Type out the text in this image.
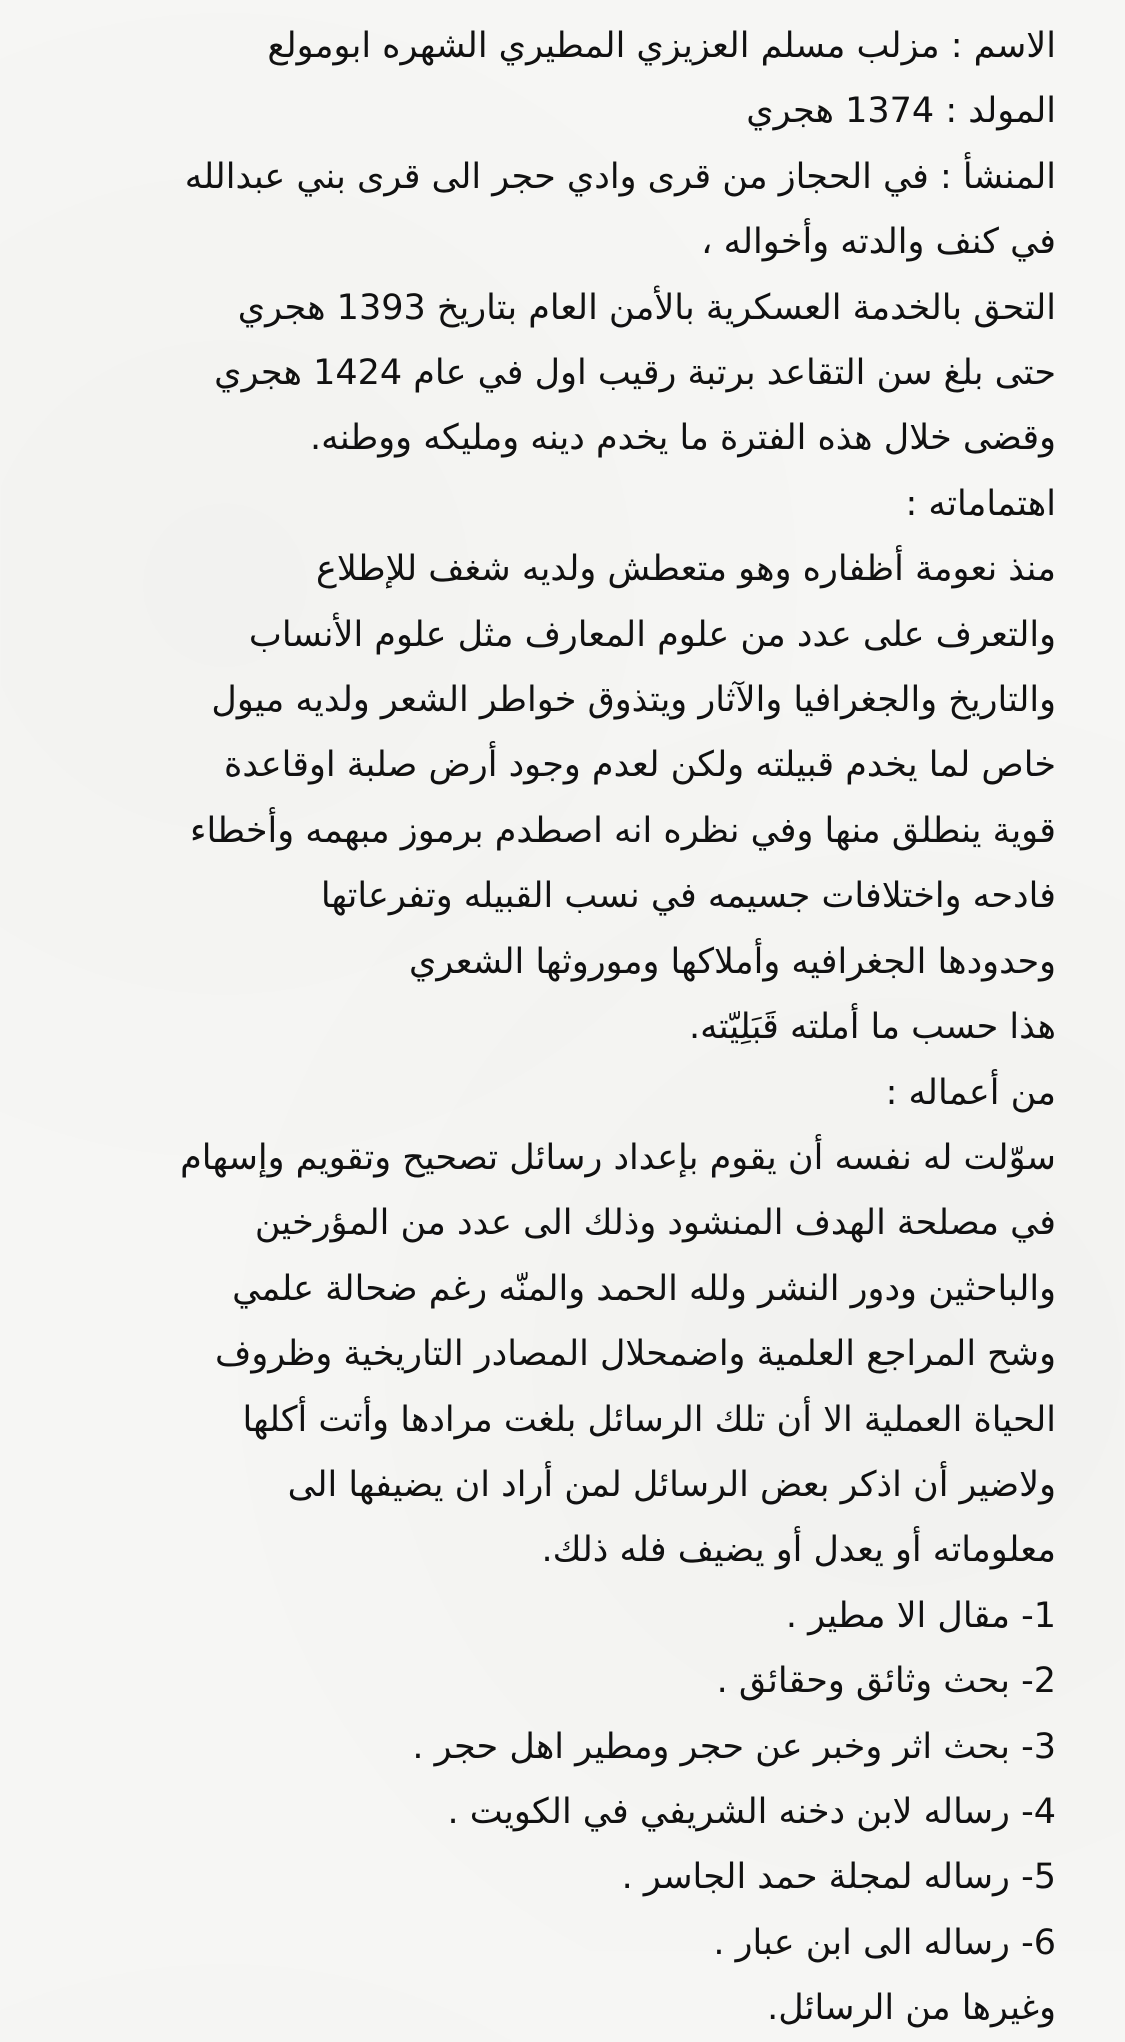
الاسم : مزلب مسلم العزيزي المطيري الشهره ابومولع

المولد : 1374 هجري

المنشأ : في الحجاز من قرى وادي حجر الى قرى بني عبدالله

في كنف والدته وأخواله ،

التحق بالخدمة العسكرية بالأمن العام بتاريخ 1393 هجري

حتى بلغ سن التقاعد برتبة رقيب اول في عام 1424 هجري

وقضى خلال هذه الفترة ما يخدم دينه ومليكه ووطنه.

اهتماماته :

منذ نعومة أظفاره وهو متعطش ولديه شغف للإطلاع

والتعرف على عدد من علوم المعارف مثل علوم الأنساب

والتاريخ والجغرافيا والآثار ويتذوق خواطر الشعر ولديه ميول

خاص لما يخدم قبيلته ولكن لعدم وجود أرض صلبة اوقاعدة

قوية ينطلق منها وفي نظره انه اصطدم برموز مبهمه وأخطاء

فادحه واختلافات جسيمه في نسب القبيله وتفرعاتها

وحدودها الجغرافيه وأملاكها وموروثها الشعري

هذا حسب ما أملته قَبَلِيّته.

من أعماله :

سوّلت له نفسه أن يقوم بإعداد رسائل تصحيح وتقويم وإسهام

في مصلحة الهدف المنشود وذلك الى عدد من المؤرخين

والباحثين ودور النشر ولله الحمد والمنّه رغم ضحالة علمي

وشح المراجع العلمية واضمحلال المصادر التاريخية وظروف

الحياة العملية الا أن تلك الرسائل بلغت مرادها وأتت أكلها

ولاضير أن اذكر بعض الرسائل لمن أراد ان يضيفها الى

معلوماته أو يعدل أو يضيف فله ذلك.

1- مقال الا مطير .

2- بحث وثائق وحقائق .

3- بحث اثر وخبر عن حجر ومطير اهل حجر .

4- رساله لابن دخنه الشريفي في الكويت .

5- رساله لمجلة حمد الجاسر .

6- رساله الى ابن عبار .

وغيرها من الرسائل.
